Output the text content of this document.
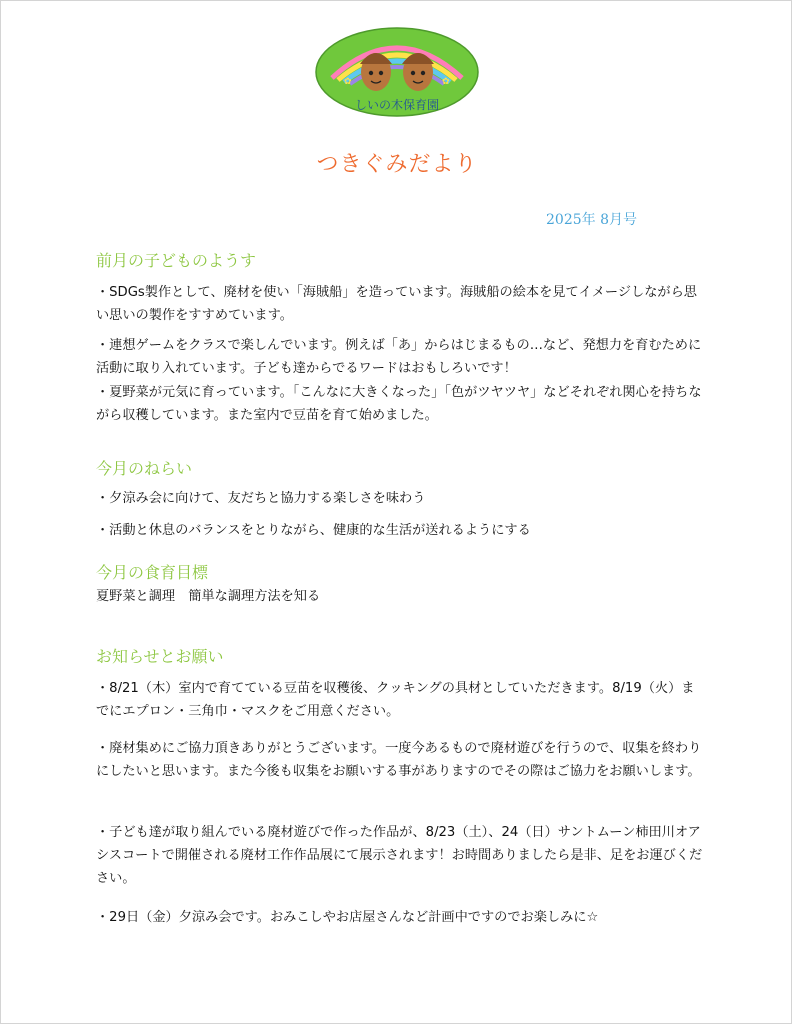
✿	✿
しいの木保育園
つきぐみだより
2025年 8月号
前月の子どものようす
・SDGs製作として、廃材を使い「海賊船」を造っています。海賊船の絵本を見てイメージしながら思い思いの製作をすすめています。
・連想ゲームをクラスで楽しんでいます。例えば「あ」からはじまるもの…など、発想力を育むために活動に取り入れています。子ども達からでるワードはおもしろいです！
・夏野菜が元気に育っています。「こんなに大きくなった」「色がツヤツヤ」などそれぞれ関心を持ちながら収穫しています。また室内で豆苗を育て始めました。
今月のねらい
・夕涼み会に向けて、友だちと協力する楽しさを味わう
・活動と休息のバランスをとりながら、健康的な生活が送れるようにする
今月の食育目標
夏野菜と調理　簡単な調理方法を知る
お知らせとお願い
・8/21（木）室内で育てている豆苗を収穫後、クッキングの具材としていただきます。8/19（火）までにエプロン・三角巾・マスクをご用意ください。
・廃材集めにご協力頂きありがとうございます。一度今あるもので廃材遊びを行うので、収集を終わりにしたいと思います。また今後も収集をお願いする事がありますのでその際はご協力をお願いします。
・子ども達が取り組んでいる廃材遊びで作った作品が、8/23（土）、24（日）サントムーン柿田川オアシスコートで開催される廃材工作作品展にて展示されます！お時間ありましたら是非、足をお運びください。
・29日（金）夕涼み会です。おみこしやお店屋さんなど計画中ですのでお楽しみに☆
